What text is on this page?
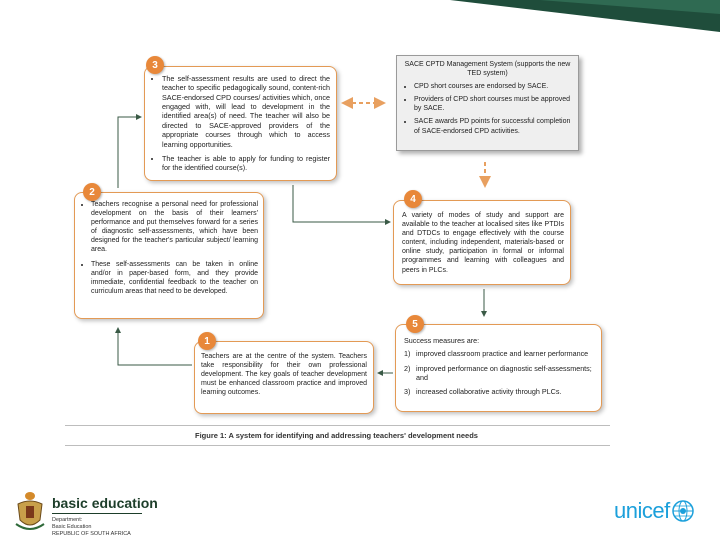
SACE CPTD Management System (supports the new TED system)
• CPD short courses are endorsed by SACE.
• Providers of CPD short courses must be approved by SACE.
• SACE awards PD points for successful completion of SACE-endorsed CPD activities.
• The self-assessment results are used to direct the teacher to specific pedagogically sound, content-rich SACE-endorsed CPD courses/ activities which, once engaged with, will lead to development in the identified area(s) of need. The teacher will also be directed to SACE-approved providers of the appropriate courses through which to access learning opportunities.
• The teacher is able to apply for funding to register for the identified course(s).
3
• Teachers recognise a personal need for professional development on the basis of their learners' performance and put themselves forward for a series of diagnostic self-assessments, which have been designed for the teacher's particular subject/ learning area.
• These self-assessments can be taken in online and/or in paper-based form, and they provide immediate, confidential feedback to the teacher on curriculum areas that need to be developed.
2
A variety of modes of study and support are available to the teacher at localised sites like PTDIs and DTDCs to engage effectively with the course content, including independent, materials-based or online study, participation in formal or informal programmes and learning with colleagues and peers in PLCs.
4
Success measures are:
1) improved classroom practice and learner performance
2) improved performance on diagnostic self-assessments; and
3) increased collaborative activity through PLCs.
5
Teachers are at the centre of the system. Teachers take responsibility for their own professional development. The key goals of teacher development must be enhanced classroom practice and improved learning outcomes.
1
Figure 1: A system for identifying and addressing teachers' development needs
basic education
Department:
Basic Education
REPUBLIC OF SOUTH AFRICA
unicef
